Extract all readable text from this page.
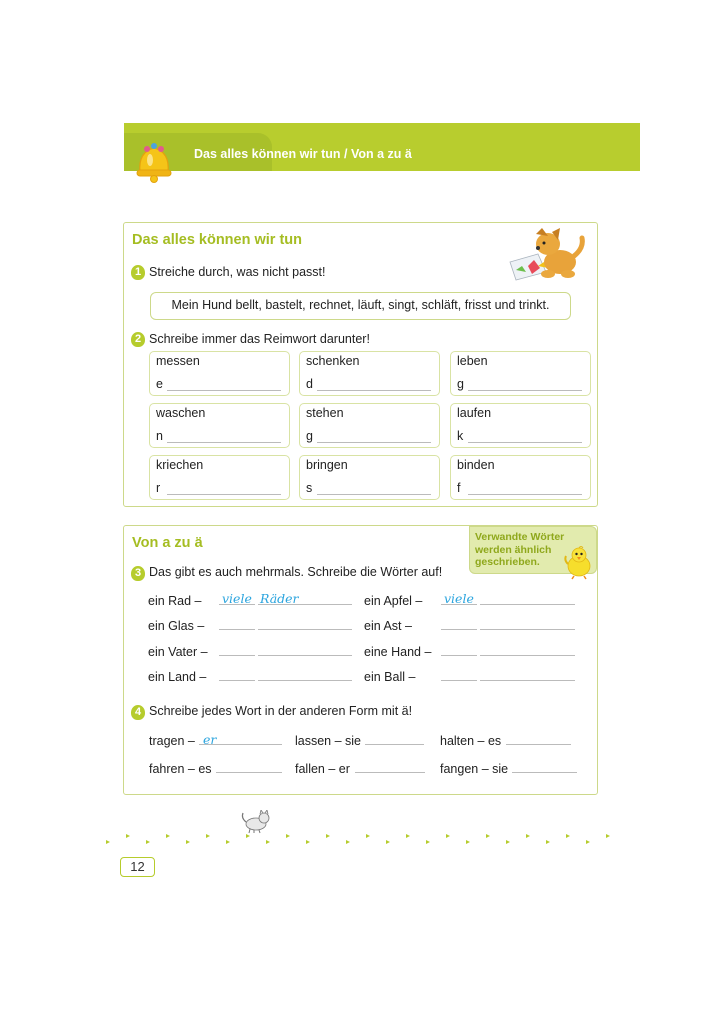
Das alles können wir tun / Von a zu ä
Das alles können wir tun
1 Streiche durch, was nicht passt!
Mein Hund bellt, bastelt, rechnet, läuft, singt, schläft, frisst und trinkt.
2 Schreibe immer das Reimwort darunter!
messen
e
schenken
d
leben
g
waschen
n
stehen
g
laufen
k
kriechen
r
bringen
s
binden
f
Von a zu ä	Verwandte Wörter
werden ähnlich
geschrieben.
3 Das gibt es auch mehrmals. Schreibe die Wörter auf!
ein Rad – viele Räder	ein Apfel – viele
ein Glas –	ein Ast –
ein Vater –	eine Hand –
ein Land –	ein Ball –
4 Schreibe jedes Wort in der anderen Form mit ä!
tragen – er	lassen – sie	halten – es
fahren – es	fallen – er	fangen – sie
12
